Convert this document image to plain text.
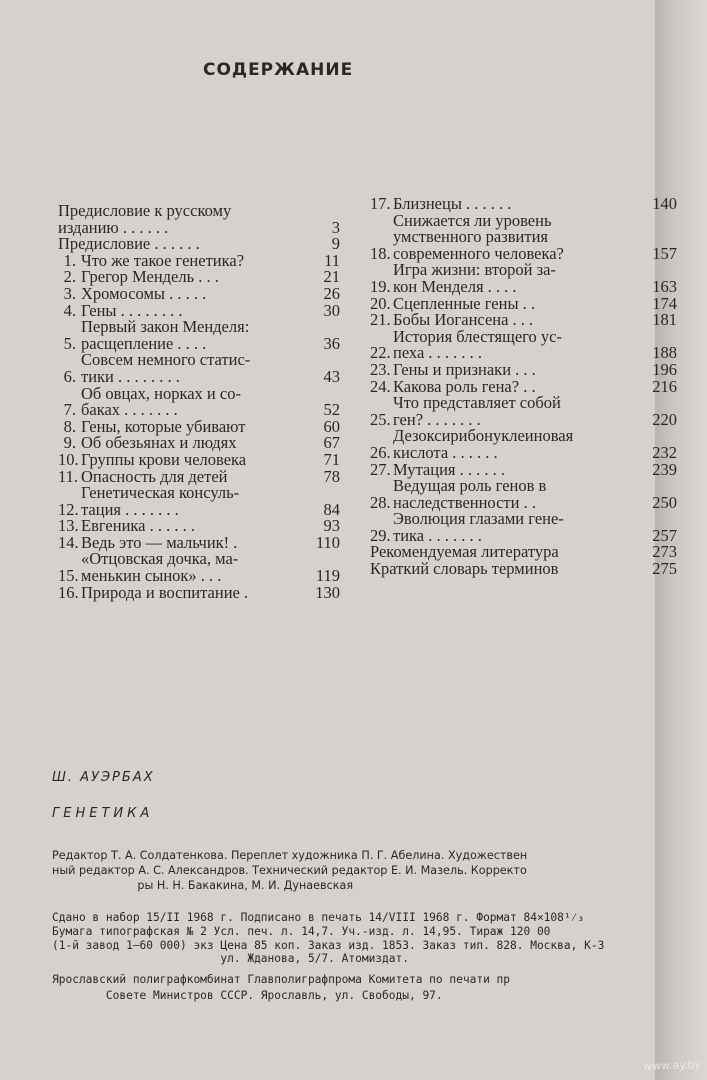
СОДЕРЖАНИЕ
Предисловие к русскому
изданию . . . . . .	3
Предисловие . . . . . .	9
1. Что же такое генетика?	11
2. Грегор Мендель . . .	21
3. Хромосомы . . . . .	26
4. Гены . . . . . . . .	30
5.
Первый закон Менделя:
расщепление . . . .	36
6.
Совсем немного статис-
тики . . . . . . . .	43
7.
Об овцах, норках и со-
баках . . . . . . .	52
8. Гены, которые убивают	60
9. Об обезьянах и людях	67
10. Группы крови человека	71
11. Опасность для детей	78
12.
Генетическая консуль-
тация . . . . . . .	84
13. Евгеника . . . . . .	93
14. Ведь это — мальчик! .	110
15.
«Отцовская дочка, ма-
менькин сынок» . . .	119
16. Природа и воспитание .	130
17. Близнецы . . . . . .	140
18.
Снижается ли уровень
умственного развития
современного человека?	157
19.
Игра жизни: второй за-
кон Менделя . . . .	163
20. Сцепленные гены . .	174
21. Бобы Иогансена . . .	181
22.
История блестящего ус-
пеха . . . . . . .	188
23. Гены и признаки . . .	196
24. Какова роль гена? . .	216
25.
Что представляет собой
ген? . . . . . . .	220
26.
Дезоксирибонуклеиновая
кислота . . . . . .	232
27. Мутация . . . . . .	239
28.
Ведущая роль генов в
наследственности . .	250
29.
Эволюция глазами гене-
тика . . . . . . .	257
Рекомендуемая литература	273
Краткий словарь терминов	275
Ш. АУЭРБАХ
ГЕНЕТИКА
Редактор Т. А. Солдатенкова. Переплет художника П. Г. Абелина. Художествен
ный редактор А. С. Александров. Технический редактор Е. И. Мазель. Корректо
ры Н. Н. Бакакина, М. И. Дунаевская
Сдано в набор 15/II 1968 г. Подписано в печать 14/VIII 1968 г. Формат 84×108¹⁄₃
Бумага типографская № 2 Усл. печ. л. 14,7. Уч.-изд. л. 14,95. Тираж 120 00
(1-й завод 1—60 000) экз Цена 85 коп. Заказ изд. 1853. Заказ тип. 828. Москва, К-3
ул. Жданова, 5/7. Атомиздат.
Ярославский полиграфкомбинат Главполиграфпрома Комитета по печати пр
Совете Министров СССР. Ярославль, ул. Свободы, 97.
www.ay.by
